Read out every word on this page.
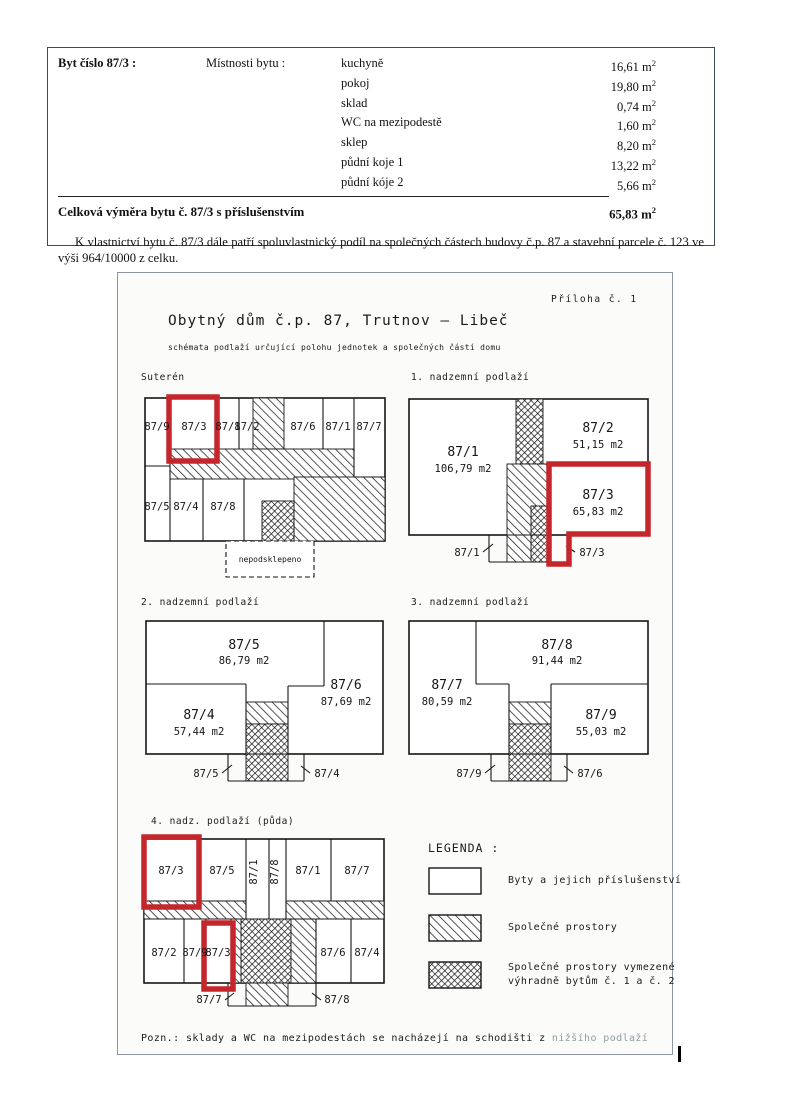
Byt číslo 87/3 :	Místnosti bytu :	kuchyně	16,61 $m^2$
pokoj	19,80 $m^2$
sklad	0,74 $m^2$
WC na mezipodestě	1,60 $m^2$
sklep	8,20 $m^2$
půdní koje 1	13,22 $m^2$
půdní kóje 2	5,66 $m^2$
Celková výměra bytu č. 87/3 s příslušenstvím	65,83 $m^2$
K vlastnictví bytu č. 87/3 dále patří spoluvlastnický podíl na společných částech budovy č.p. 87 a stavební parcele č. 123 ve výši 964/10000 z celku.
Příloha č. 1
Obytný dům č.p. 87, Trutnov — Libeč
schémata podlaží určující polohu jednotek a společných částí domu
Suterén	1. nadzemní podlaží
87/9 87/3 87/1
87/2	87/6 87/1 87/7
87/5 87/4 87/8
nepodsklepeno
87/1
106,79 m2
87/2
51,15 m2
87/3
65,83 m2
87/1	87/3
2. nadzemní podlaží	3. nadzemní podlaží
87/5
86,79 m2
87/6
87,69 m2
87/4
57,44 m2
87/5	87/4
87/8
91,44 m2
87/7
80,59 m2
87/9
55,03 m2
87/9	87/6
4. nadz. podlaží (půda)
87/3 87/5 87/1 87/8 87/1 87/7
87/2 87/9
87/3	87/6 87/4
87/7	87/8
LEGENDA :
Byty a jejich příslušenství
Společné prostory
Společné prostory vymezené
výhradně bytům č. 1 a č. 2
Pozn.: sklady a WC na mezipodestách se nacházejí na schodišti z nižšího podlaží
